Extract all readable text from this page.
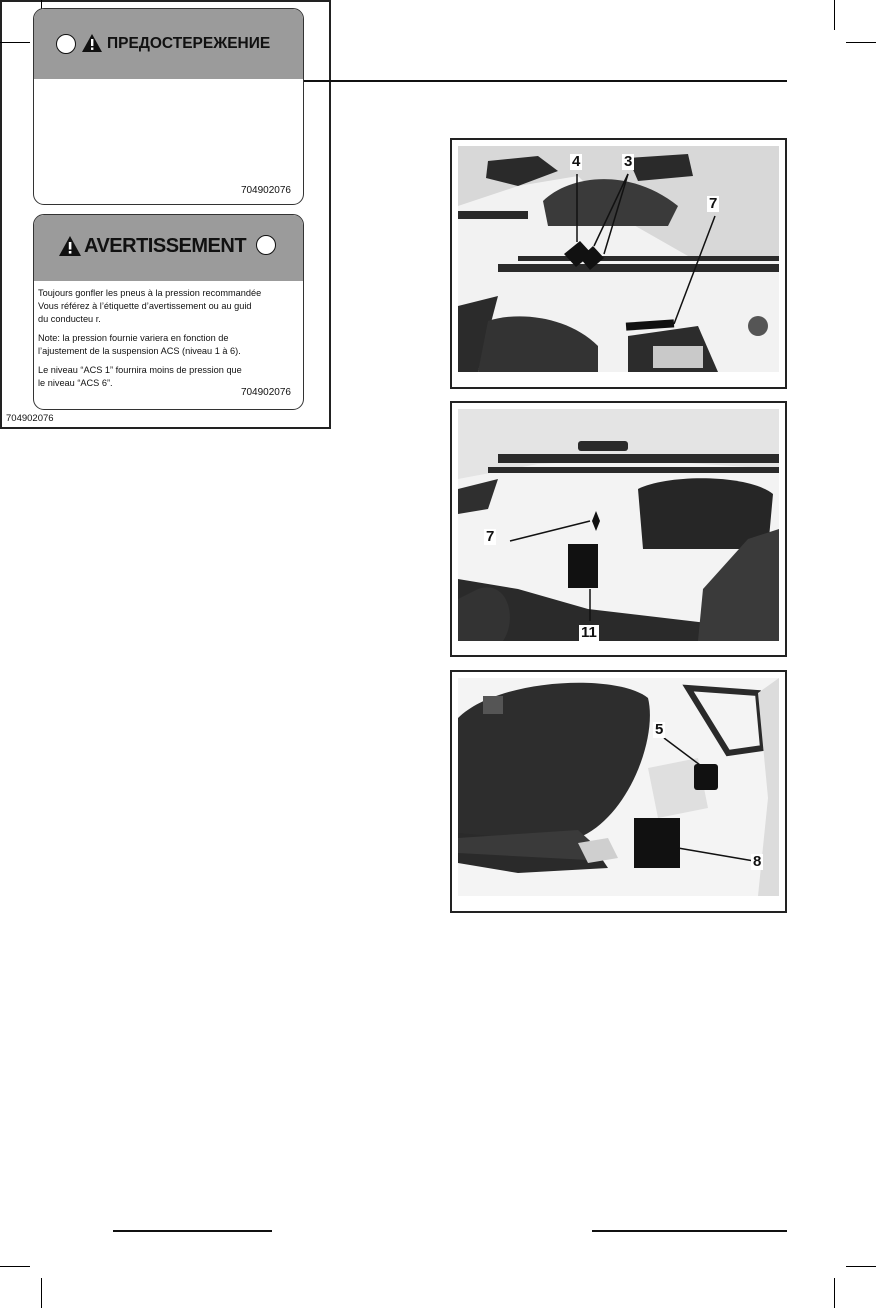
ПРЕДОСТЕРЕЖЕНИЕ
704902076
AVERTISSEMENT

Toujours gonfler les pneus à la pression recommandée

Vous référez à l’étiquette d’avertissement ou au guid

du conducteu r.

Note: la pression fournie variera en fonction de

l’ajustement de la suspension ACS (niveau 1 à 6).

Le niveau “ACS 1” fournira moins de pression que

le niveau “ACS 6”.

704902076
704902076
4	3
7
7
11
5
8
